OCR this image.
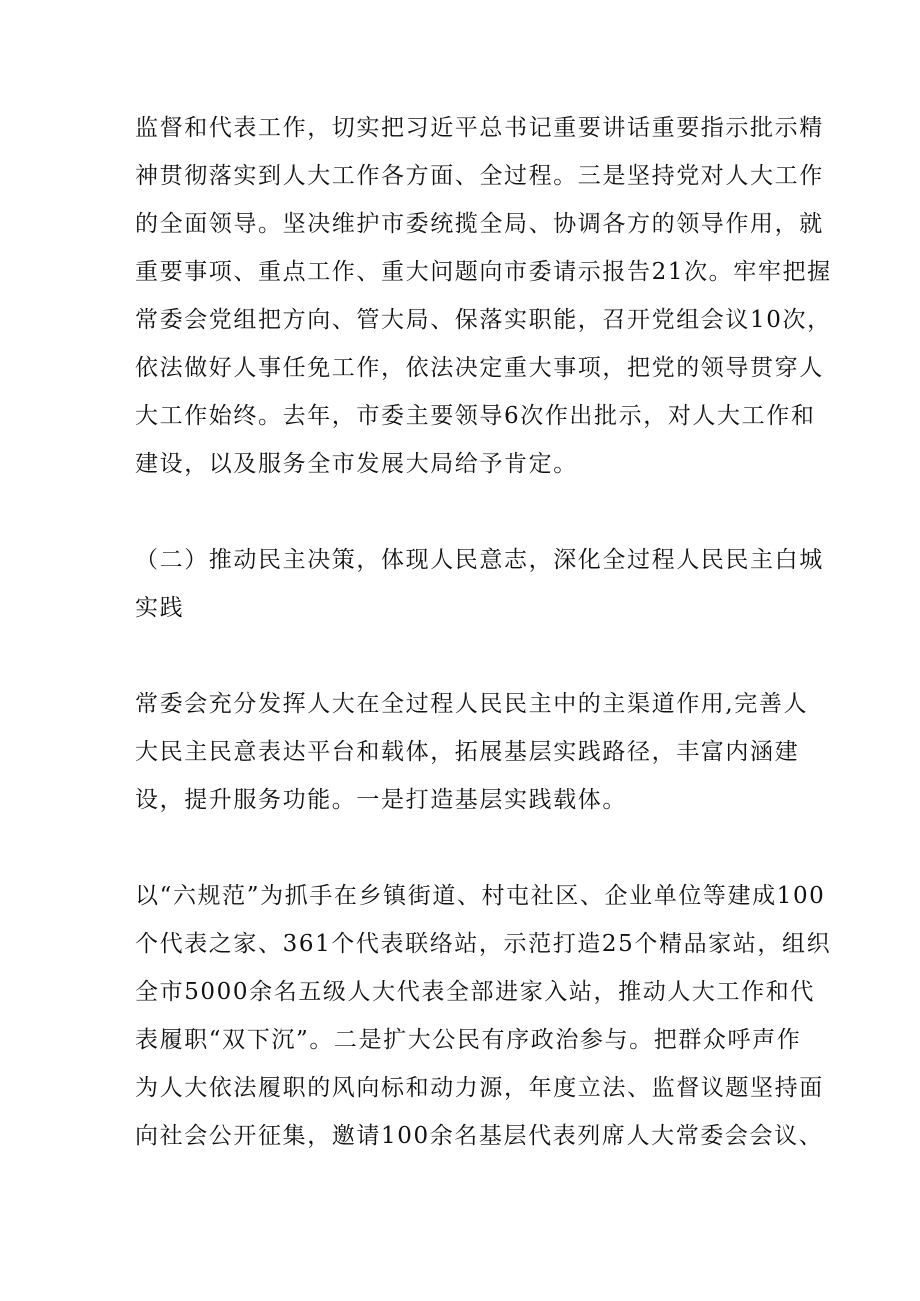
监督和代表工作，切实把习近平总书记重要讲话重要指示批示精
神贯彻落实到人大工作各方面、全过程。三是坚持党对人大工作
的全面领导。坚决维护市委统揽全局、协调各方的领导作用，就
重要事项、重点工作、重大问题向市委请示报告21次。牢牢把握
常委会党组把方向、管大局、保落实职能，召开党组会议10次，
依法做好人事任免工作，依法决定重大事项，把党的领导贯穿人
大工作始终。去年，市委主要领导6次作出批示，对人大工作和
建设，以及服务全市发展大局给予肯定。
（二）推动民主决策，体现人民意志，深化全过程人民民主白城
实践
常委会充分发挥人大在全过程人民民主中的主渠道作用,完善人
大民主民意表达平台和载体，拓展基层实践路径，丰富内涵建
设，提升服务功能。一是打造基层实践载体。
以“六规范”为抓手在乡镇街道、村屯社区、企业单位等建成100
个代表之家、361个代表联络站，示范打造25个精品家站，组织
全市5000余名五级人大代表全部进家入站，推动人大工作和代
表履职“双下沉”。二是扩大公民有序政治参与。把群众呼声作
为人大依法履职的风向标和动力源，年度立法、监督议题坚持面
向社会公开征集，邀请100余名基层代表列席人大常委会会议、
